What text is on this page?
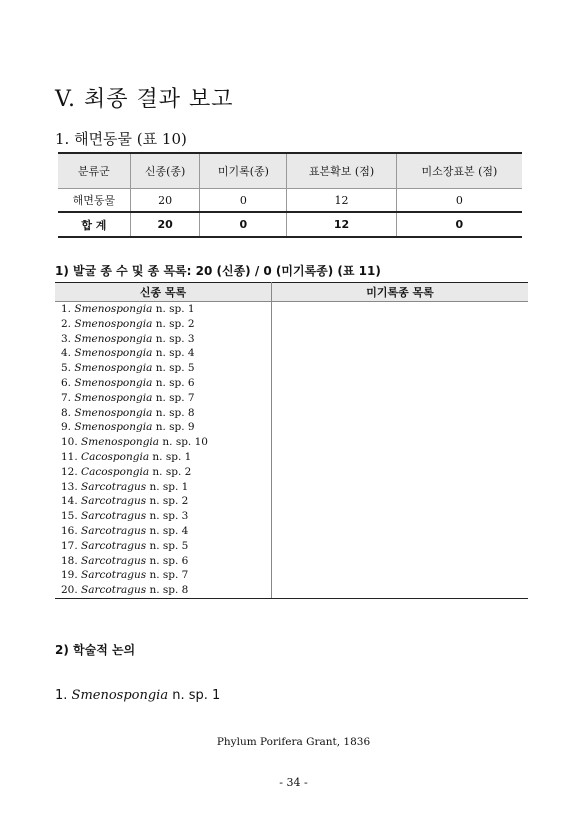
V. 최종 결과 보고
1. 해면동물 (표 10)
분류군	신종(종)	미기록(종)	표본확보 (점)	미소장표본 (점)
해면동물	20	0	12	0
합 계	20	0	12	0
1) 발굴 종 수 및 종 목록: 20 (신종) / 0 (미기록종) (표 11)
신종 목록	미기록종 목록
1. Smenospongia n. sp. 1	
2. Smenospongia n. sp. 2	
3. Smenospongia n. sp. 3	
4. Smenospongia n. sp. 4	
5. Smenospongia n. sp. 5	
6. Smenospongia n. sp. 6	
7. Smenospongia n. sp. 7	
8. Smenospongia n. sp. 8	
9. Smenospongia n. sp. 9	
10. Smenospongia n. sp. 10	
11. Cacospongia n. sp. 1	
12. Cacospongia n. sp. 2	
13. Sarcotragus n. sp. 1	
14. Sarcotragus n. sp. 2	
15. Sarcotragus n. sp. 3	
16. Sarcotragus n. sp. 4	
17. Sarcotragus n. sp. 5	
18. Sarcotragus n. sp. 6	
19. Sarcotragus n. sp. 7	
20. Sarcotragus n. sp. 8	
2) 학술적 논의
1. Smenospongia n. sp. 1
Phylum Porifera Grant, 1836
- 34 -
